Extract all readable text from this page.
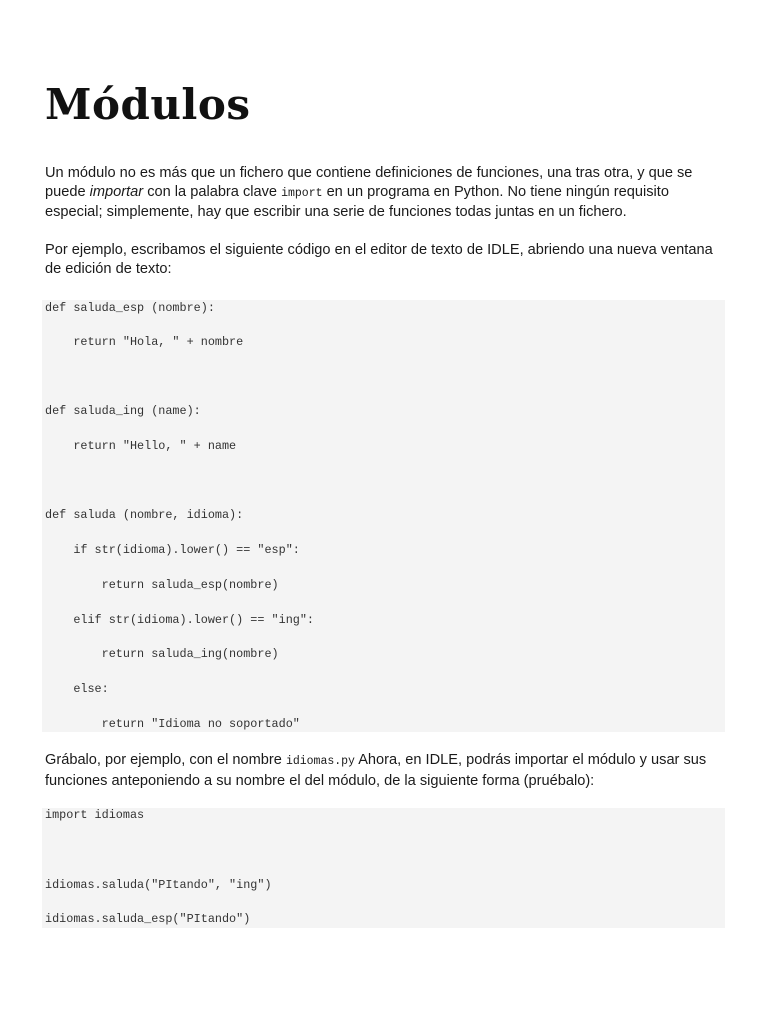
Módulos

Un módulo no es más que un fichero que contiene definiciones de funciones, una tras otra, y que se puede importar con la palabra clave import en un programa en Python. No tiene ningún requisito especial; simplemente, hay que escribir una serie de funciones todas juntas en un fichero.

Por ejemplo, escribamos el siguiente código en el editor de texto de IDLE, abriendo una nueva ventana de edición de texto:

def saluda_esp (nombre):
return "Hola, " + nombre
def saluda_ing (name):
return "Hello, " + name
def saluda (nombre, idioma):
if str(idioma).lower() == "esp":
return saluda_esp(nombre)
elif str(idioma).lower() == "ing":
return saluda_ing(nombre)
else:
return "Idioma no soportado"

Grábalo, por ejemplo, con el nombre idiomas.py Ahora, en IDLE, podrás importar el módulo y usar sus funciones anteponiendo a su nombre el del módulo, de la siguiente forma (pruébalo):

import idiomas
idiomas.saluda("PItando", "ing")
idiomas.saluda_esp("PItando")
